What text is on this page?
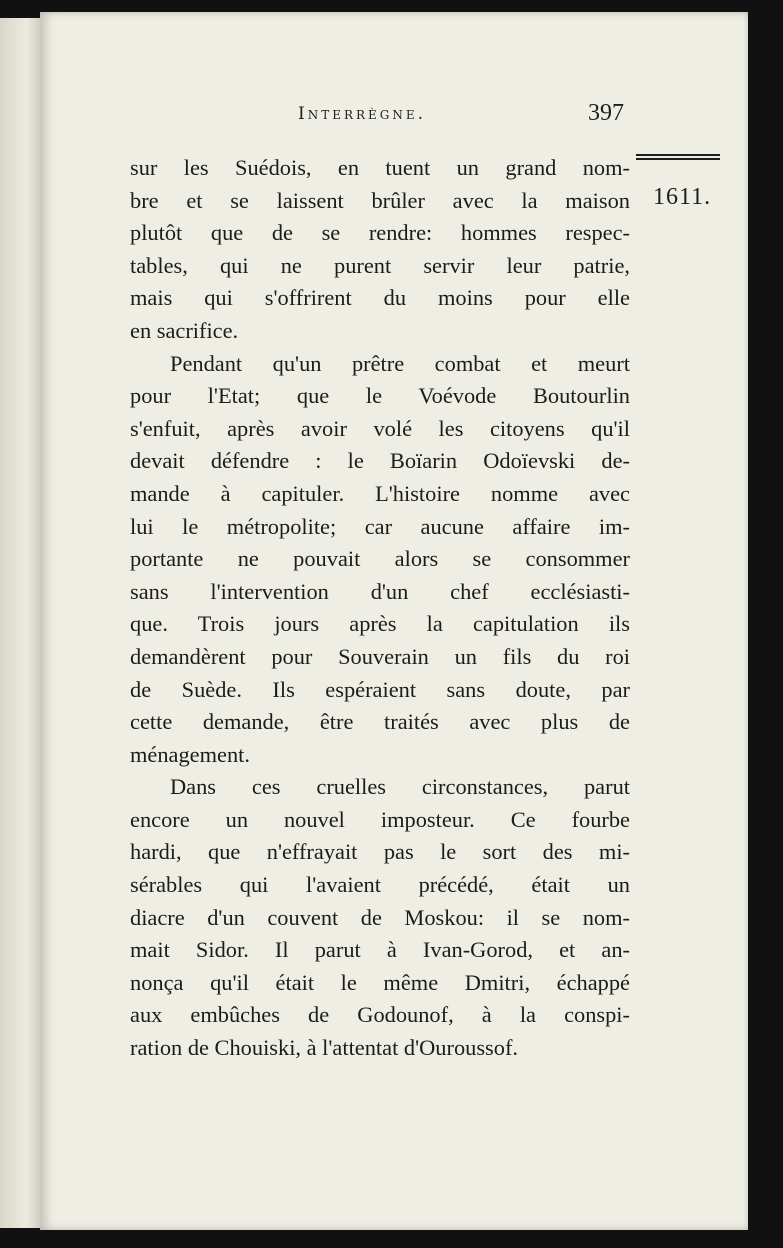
Interrègne.	397
1611.
sur les Suédois, en tuent un grand nom-
bre et se laissent brûler avec la maison
plutôt que de se rendre: hommes respec-
tables, qui ne purent servir leur patrie,
mais qui s'offrirent du moins pour elle
en sacrifice.
Pendant qu'un prêtre combat et meurt
pour l'Etat; que le Voévode Boutourlin
s'enfuit, après avoir volé les citoyens qu'il
devait défendre : le Boïarin Odoïevski de-
mande à capituler. L'histoire nomme avec
lui le métropolite; car aucune affaire im-
portante ne pouvait alors se consommer
sans l'intervention d'un chef ecclésiasti-
que. Trois jours après la capitulation ils
demandèrent pour Souverain un fils du roi
de Suède. Ils espéraient sans doute, par
cette demande, être traités avec plus de
ménagement.
Dans ces cruelles circonstances, parut
encore un nouvel imposteur. Ce fourbe
hardi, que n'effrayait pas le sort des mi-
sérables qui l'avaient précédé, était un
diacre d'un couvent de Moskou: il se nom-
mait Sidor. Il parut à Ivan-Gorod, et an-
nonça qu'il était le même Dmitri, échappé
aux embûches de Godounof, à la conspi-
ration de Chouiski, à l'attentat d'Ouroussof.
